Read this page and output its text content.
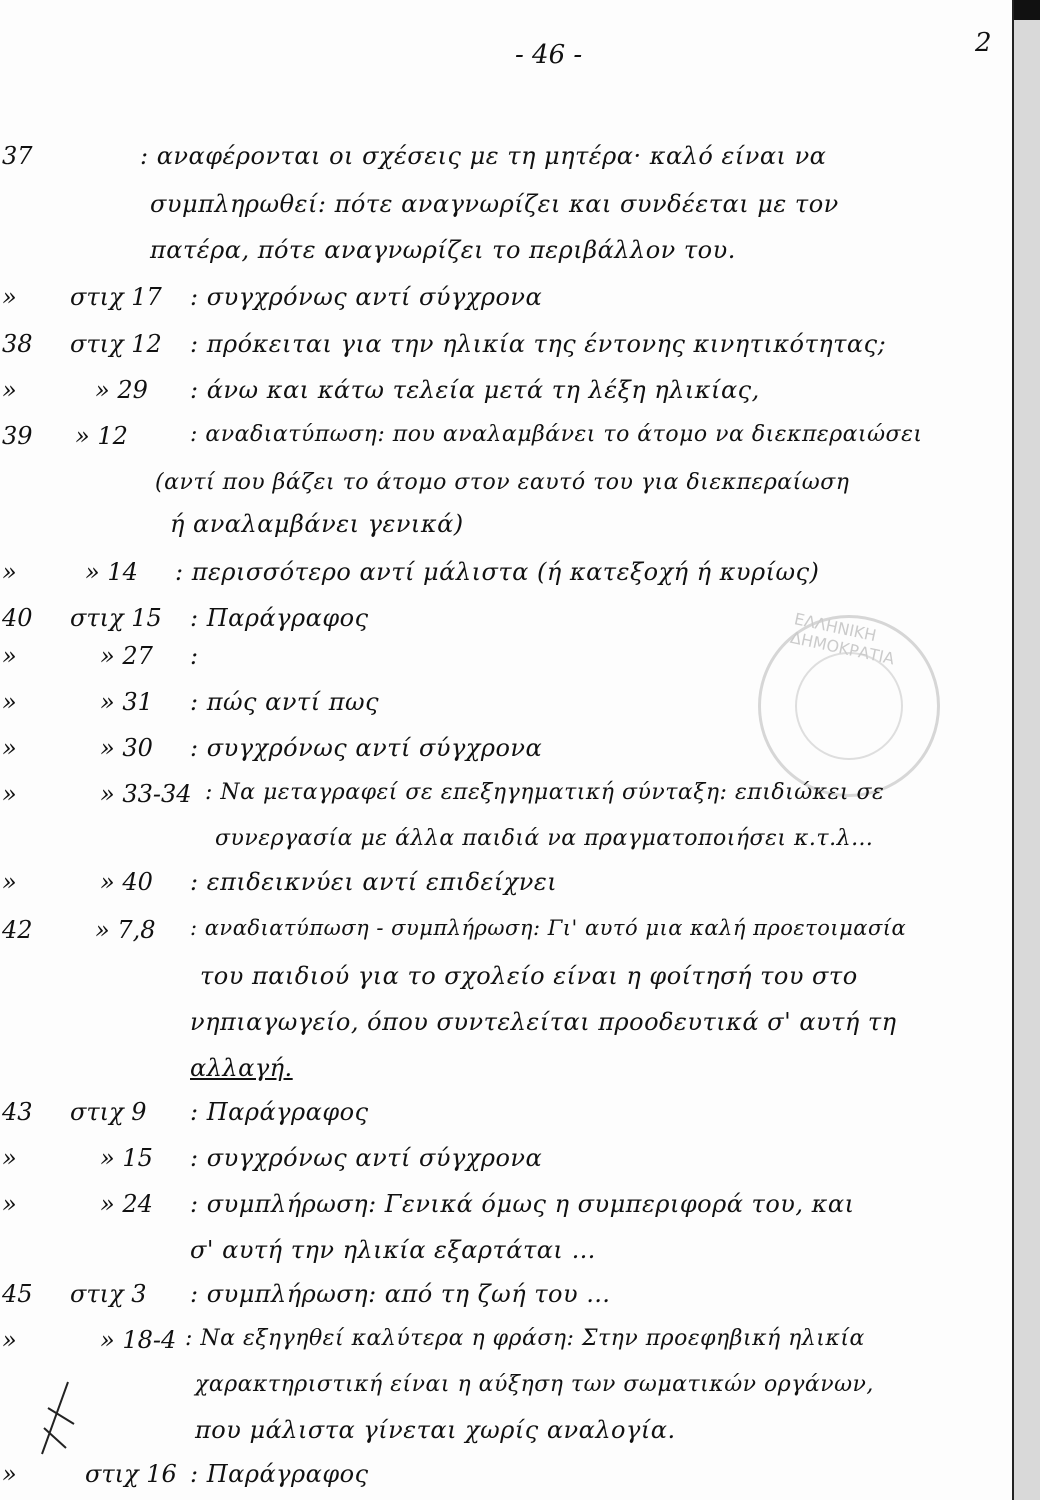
- 46 -	2
ΕΛΛΗΝΙΚΗ ΔΗΜΟΚΡΑΤΙΑ
37	: αναφέρονται οι σχέσεις με τη μητέρα· καλό είναι να
συμπληρωθεί: πότε αναγνωρίζει και συνδέεται με τον
πατέρα, πότε αναγνωρίζει το περιβάλλον του.
» στιχ 17 : συγχρόνως αντί σύγχρονα
38 στιχ 12 : πρόκειται για την ηλικία της έντονης κινητικότητας;
»	» 29 : άνω και κάτω τελεία μετά τη λέξη ηλικίας,
39 » 12	: αναδιατύπωση: που αναλαμβάνει το άτομο να διεκπεραιώσει
(αντί που βάζει το άτομο στον εαυτό του για διεκπεραίωση
ή αναλαμβάνει γενικά)
»	» 14 : περισσότερο αντί μάλιστα (ή κατεξοχή ή κυρίως)
40 στιχ 15 : Παράγραφος
»	» 27 :
»	» 31 : πώς αντί πως
»	» 30 : συγχρόνως αντί σύγχρονα
»	» 33-34 : Να μεταγραφεί σε επεξηγηματική σύνταξη: επιδιώκει σε
συνεργασία με άλλα παιδιά να πραγματοποιήσει κ.τ.λ…
»	» 40 : επιδεικνύει αντί επιδείχνει
42	» 7,8 : αναδιατύπωση - συμπλήρωση: Γι' αυτό μια καλή προετοιμασία
του παιδιού για το σχολείο είναι η φοίτησή του στο
νηπιαγωγείο, όπου συντελείται προοδευτικά σ' αυτή τη
αλλαγή.
43 στιχ 9 : Παράγραφος
»	» 15 : συγχρόνως αντί σύγχρονα
»	» 24 : συμπλήρωση: Γενικά όμως η συμπεριφορά του, και
σ' αυτή την ηλικία εξαρτάται …
45 στιχ 3 : συμπλήρωση: από τη ζωή του …
»	» 18-4 : Να εξηγηθεί καλύτερα η φράση: Στην προεφηβική ηλικία
χαρακτηριστική είναι η αύξηση των σωματικών οργάνων,
που μάλιστα γίνεται χωρίς αναλογία.
»	στιχ 16 : Παράγραφος
